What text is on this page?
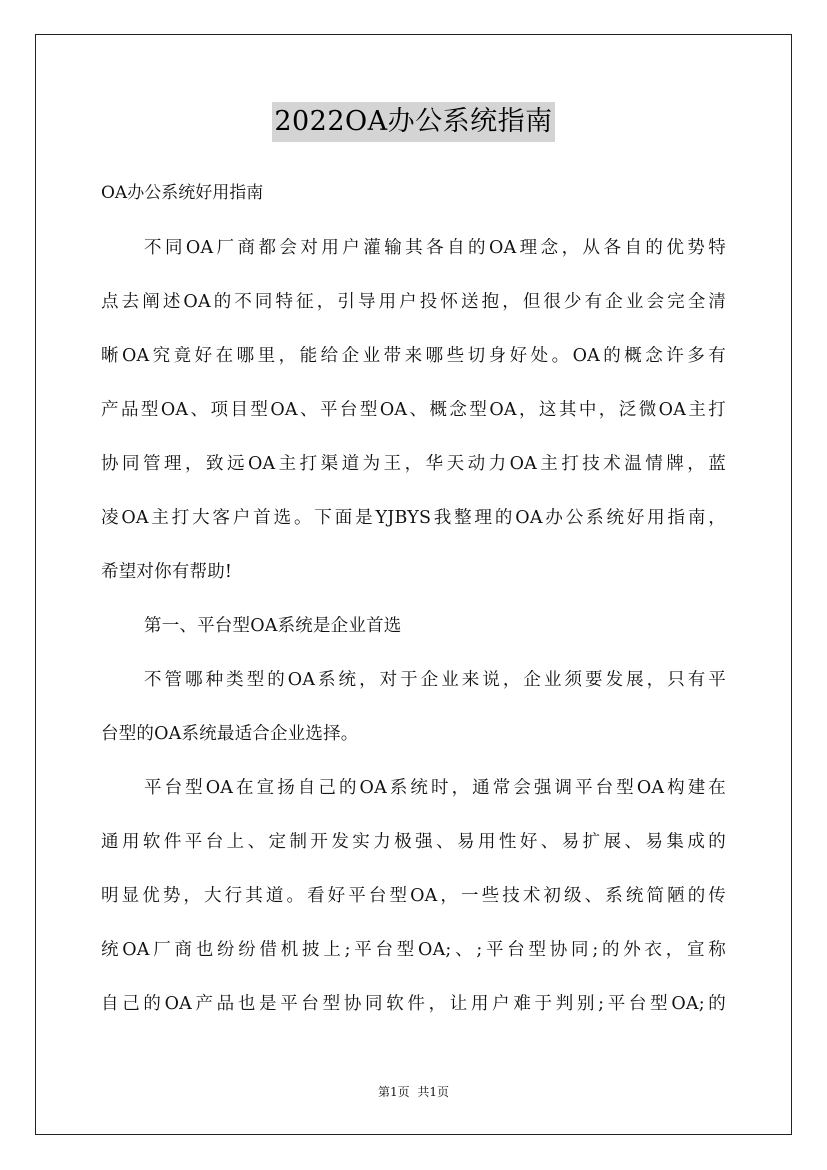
2022OA办公系统指南
OA办公系统好用指南
不同OA厂商都会对用户灌输其各自的OA理念，从各自的优势特
点去阐述OA的不同特征，引导用户投怀送抱，但很少有企业会完全清
晰OA究竟好在哪里，能给企业带来哪些切身好处。OA的概念许多有
产品型OA、项目型OA、平台型OA、概念型OA，这其中，泛微OA主打
协同管理，致远OA主打渠道为王，华天动力OA主打技术温情牌，蓝
凌OA主打大客户首选。下面是YJBYS我整理的OA办公系统好用指南，
希望对你有帮助!
第一、平台型OA系统是企业首选
不管哪种类型的OA系统，对于企业来说，企业须要发展，只有平
台型的OA系统最适合企业选择。
平台型OA在宣扬自己的OA系统时，通常会强调平台型OA构建在
通用软件平台上、定制开发实力极强、易用性好、易扩展、易集成的
明显优势，大行其道。看好平台型OA，一些技术初级、系统简陋的传
统OA厂商也纷纷借机披上;平台型OA;、;平台型协同;的外衣，宣称
自己的OA产品也是平台型协同软件，让用户难于判别;平台型OA;的
第1页 共1页
